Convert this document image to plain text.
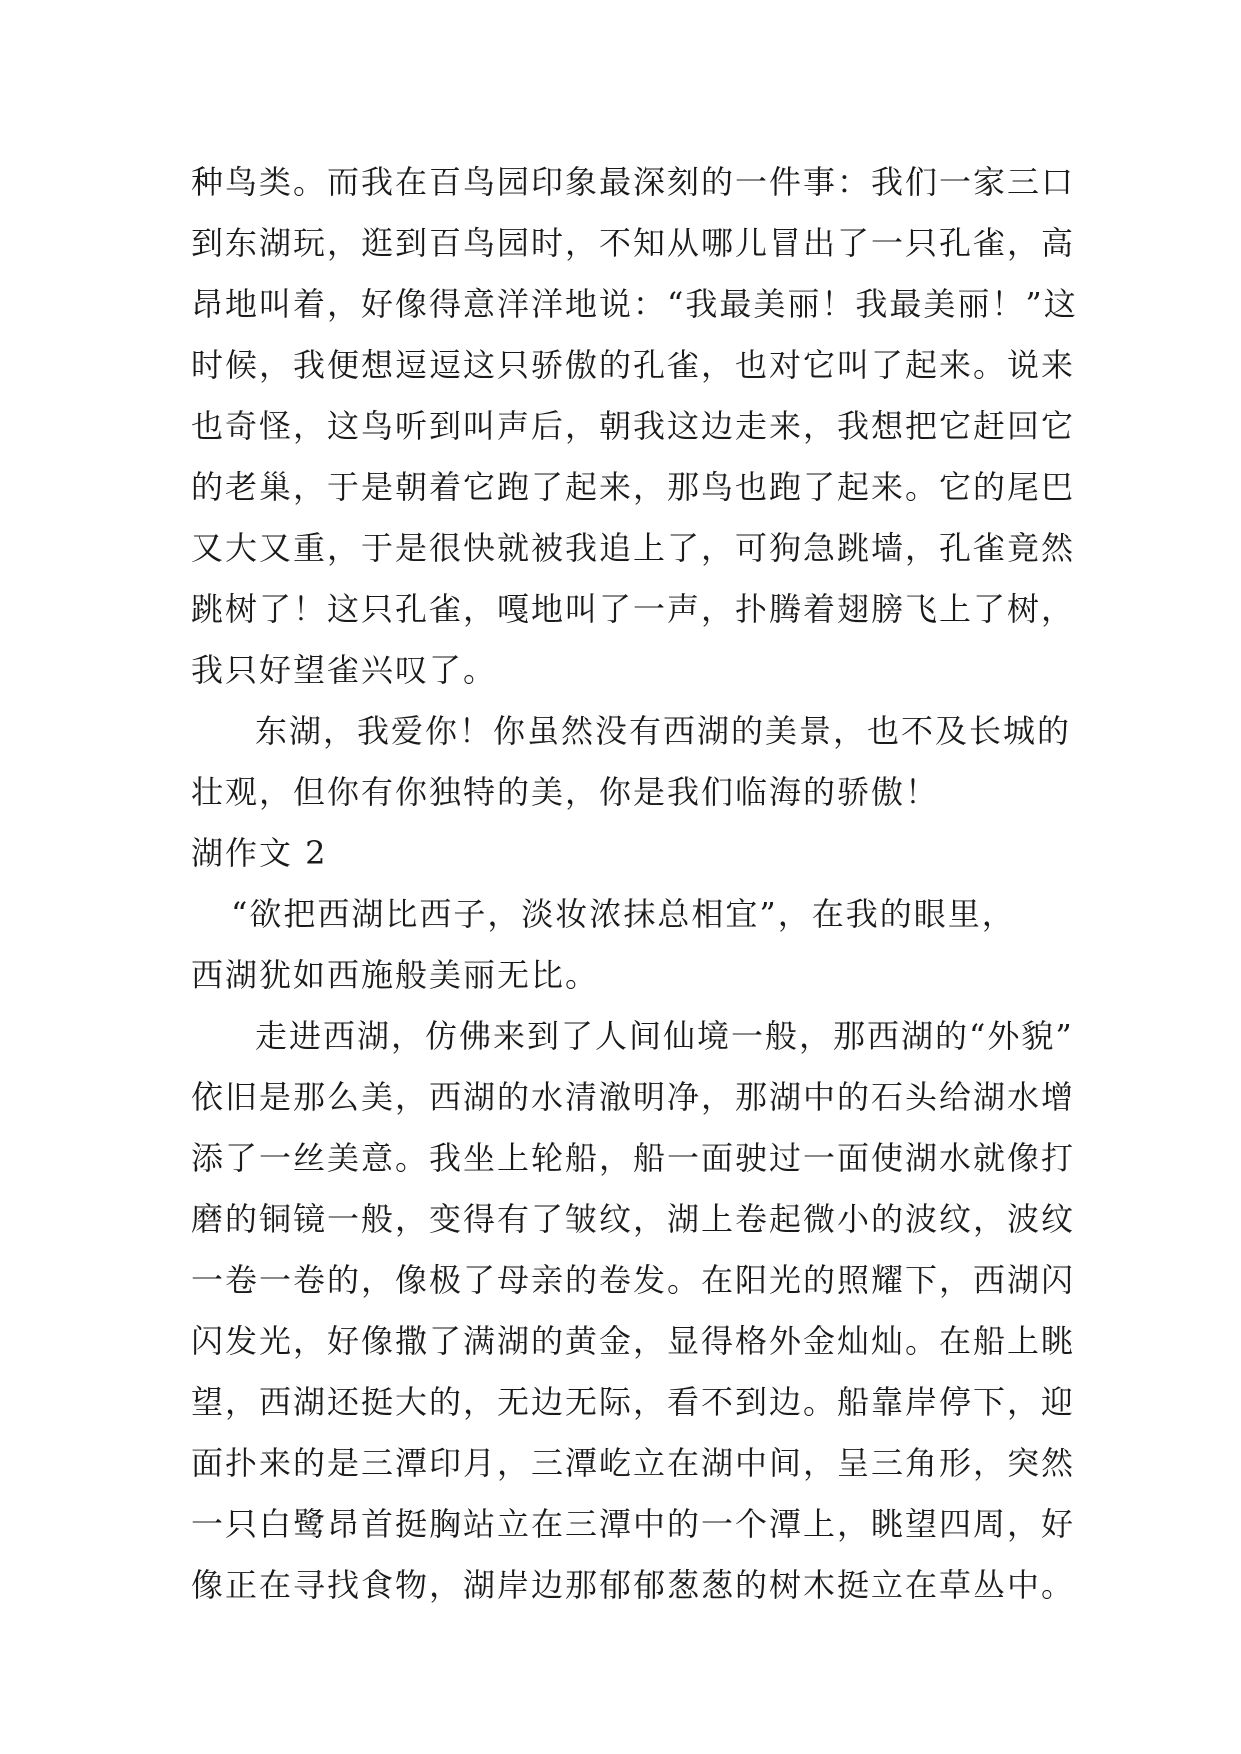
种鸟类。而我在百鸟园印象最深刻的一件事：我们一家三口
到东湖玩，逛到百鸟园时，不知从哪儿冒出了一只孔雀，高
昂地叫着，好像得意洋洋地说：“我最美丽！我最美丽！”这
时候，我便想逗逗这只骄傲的孔雀，也对它叫了起来。说来
也奇怪，这鸟听到叫声后，朝我这边走来，我想把它赶回它
的老巢，于是朝着它跑了起来，那鸟也跑了起来。它的尾巴
又大又重，于是很快就被我追上了，可狗急跳墙，孔雀竟然
跳树了！这只孔雀，嘎地叫了一声，扑腾着翅膀飞上了树，
我只好望雀兴叹了。
东湖，我爱你！你虽然没有西湖的美景，也不及长城的
壮观，但你有你独特的美，你是我们临海的骄傲！
湖作文 2
“欲把西湖比西子，淡妆浓抹总相宜”，在我的眼里，
西湖犹如西施般美丽无比。
走进西湖，仿佛来到了人间仙境一般，那西湖的“外貌”
依旧是那么美，西湖的水清澈明净，那湖中的石头给湖水增
添了一丝美意。我坐上轮船，船一面驶过一面使湖水就像打
磨的铜镜一般，变得有了皱纹，湖上卷起微小的波纹，波纹
一卷一卷的，像极了母亲的卷发。在阳光的照耀下，西湖闪
闪发光，好像撒了满湖的黄金，显得格外金灿灿。在船上眺
望，西湖还挺大的，无边无际，看不到边。船靠岸停下，迎
面扑来的是三潭印月，三潭屹立在湖中间，呈三角形，突然
一只白鹭昂首挺胸站立在三潭中的一个潭上，眺望四周，好
像正在寻找食物，湖岸边那郁郁葱葱的树木挺立在草丛中。
